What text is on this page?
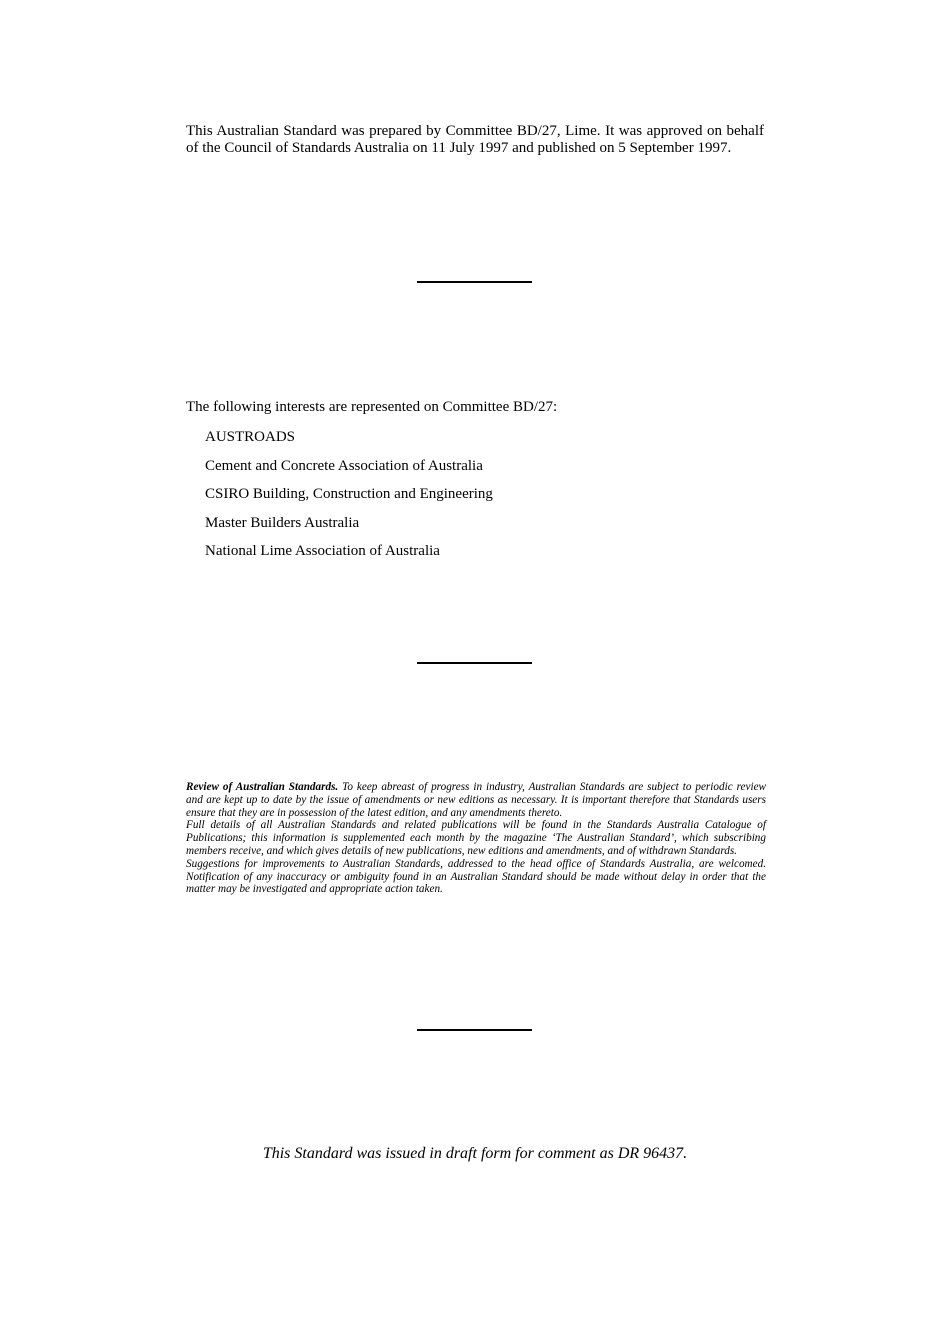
This Australian Standard was prepared by Committee BD/27, Lime. It was approved on behalf of the Council of Standards Australia on 11 July 1997 and published on 5 September 1997.

The following interests are represented on Committee BD/27:

AUSTROADS
Cement and Concrete Association of Australia
CSIRO Building, Construction and Engineering
Master Builders Australia
National Lime Association of Australia

Review of Australian Standards. To keep abreast of progress in industry, Australian Standards are subject to periodic review and are kept up to date by the issue of amendments or new editions as necessary. It is important therefore that Standards users ensure that they are in possession of the latest edition, and any amendments thereto.

Full details of all Australian Standards and related publications will be found in the Standards Australia Catalogue of Publications; this information is supplemented each month by the magazine ‘The Australian Standard’, which subscribing members receive, and which gives details of new publications, new editions and amendments, and of withdrawn Standards.

Suggestions for improvements to Australian Standards, addressed to the head office of Standards Australia, are welcomed. Notification of any inaccuracy or ambiguity found in an Australian Standard should be made without delay in order that the matter may be investigated and appropriate action taken.

This Standard was issued in draft form for comment as DR 96437.
